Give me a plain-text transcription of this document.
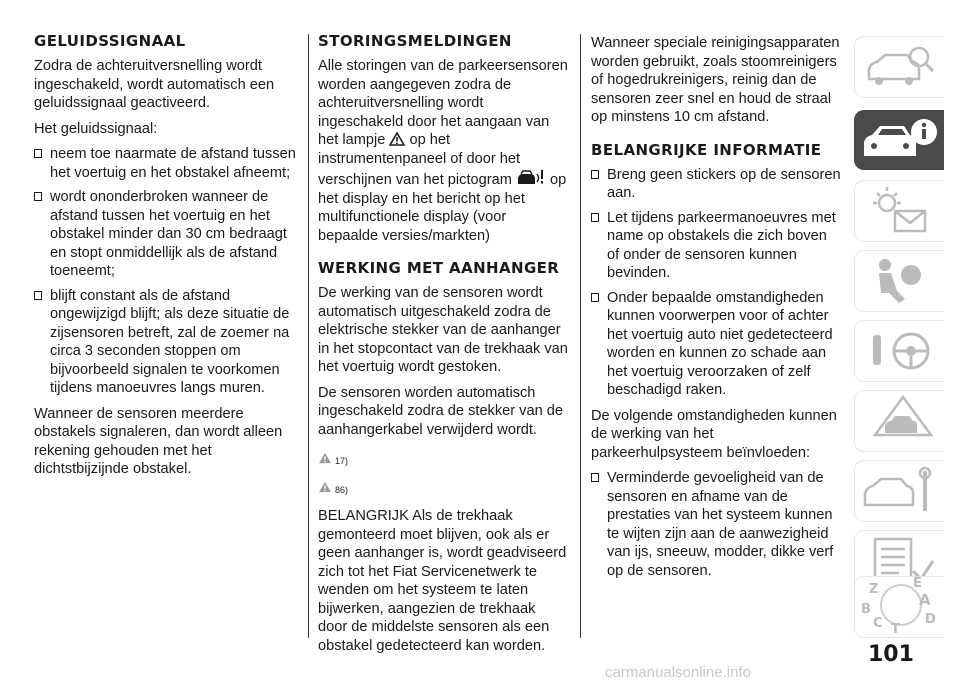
GELUIDSSIGNAAL

Zodra de achteruitversnelling wordt ingeschakeld, wordt automatisch een geluidssignaal geactiveerd.

Het geluidssignaal:

neem toe naarmate de afstand tussen het voertuig en het obstakel afneemt;
wordt ononderbroken wanneer de afstand tussen het voertuig en het obstakel minder dan 30 cm bedraagt en stopt onmiddellijk als de afstand toeneemt;
blijft constant als de afstand ongewijzigd blijft; als deze situatie de zijsensoren betreft, zal de zoemer na circa 3 seconden stoppen om bijvoorbeeld signalen te voorkomen tijdens manoeuvres langs muren.

Wanneer de sensoren meerdere obstakels signaleren, dan wordt alleen rekening gehouden met het dichtstbijzijnde obstakel.

STORINGSMELDINGEN

Alle storingen van de parkeersensoren worden aangegeven zodra de achteruitversnelling wordt ingeschakeld door het aangaan van het lampje op het instrumentenpaneel of door het verschijnen van het pictogram	op het display en het bericht op het multifunctionele display (voor bepaalde versies/markten)

WERKING MET AANHANGER

De werking van de sensoren wordt automatisch uitgeschakeld zodra de elektrische stekker van de aanhanger in het stopcontact van de trekhaak van het voertuig wordt gestoken.

De sensoren worden automatisch ingeschakeld zodra de stekker van de aanhangerkabel verwijderd wordt.

17)
86)

BELANGRIJK Als de trekhaak gemonteerd moet blijven, ook als er geen aanhanger is, wordt geadviseerd zich tot het Fiat Servicenetwerk te wenden om het systeem te laten bijwerken, aangezien de trekhaak door de middelste sensoren als een obstakel gedetecteerd kan worden.

Wanneer speciale reinigingsapparaten worden gebruikt, zoals stoomreinigers of hogedrukreinigers, reinig dan de sensoren zeer snel en houd de straal op minstens 10 cm afstand.

BELANGRIJKE INFORMATIE
Breng geen stickers op de sensoren aan.
Let tijdens parkeermanoeuvres met name op obstakels die zich boven of onder de sensoren kunnen bevinden.
Onder bepaalde omstandigheden kunnen voorwerpen voor of achter het voertuig auto niet gedetecteerd worden en kunnen zo schade aan het voertuig veroorzaken of zelf beschadigd raken.

De volgende omstandigheden kunnen de werking van het parkeerhulpsysteem beïnvloeden:

Verminderde gevoeligheid van de sensoren en afname van de prestaties van het systeem kunnen te wijten zijn aan de aanwezigheid van ijs, sneeuw, modder, dikke verf op de sensoren.
Z	E
A
B
C T
D
101
carmanualsonline.info
